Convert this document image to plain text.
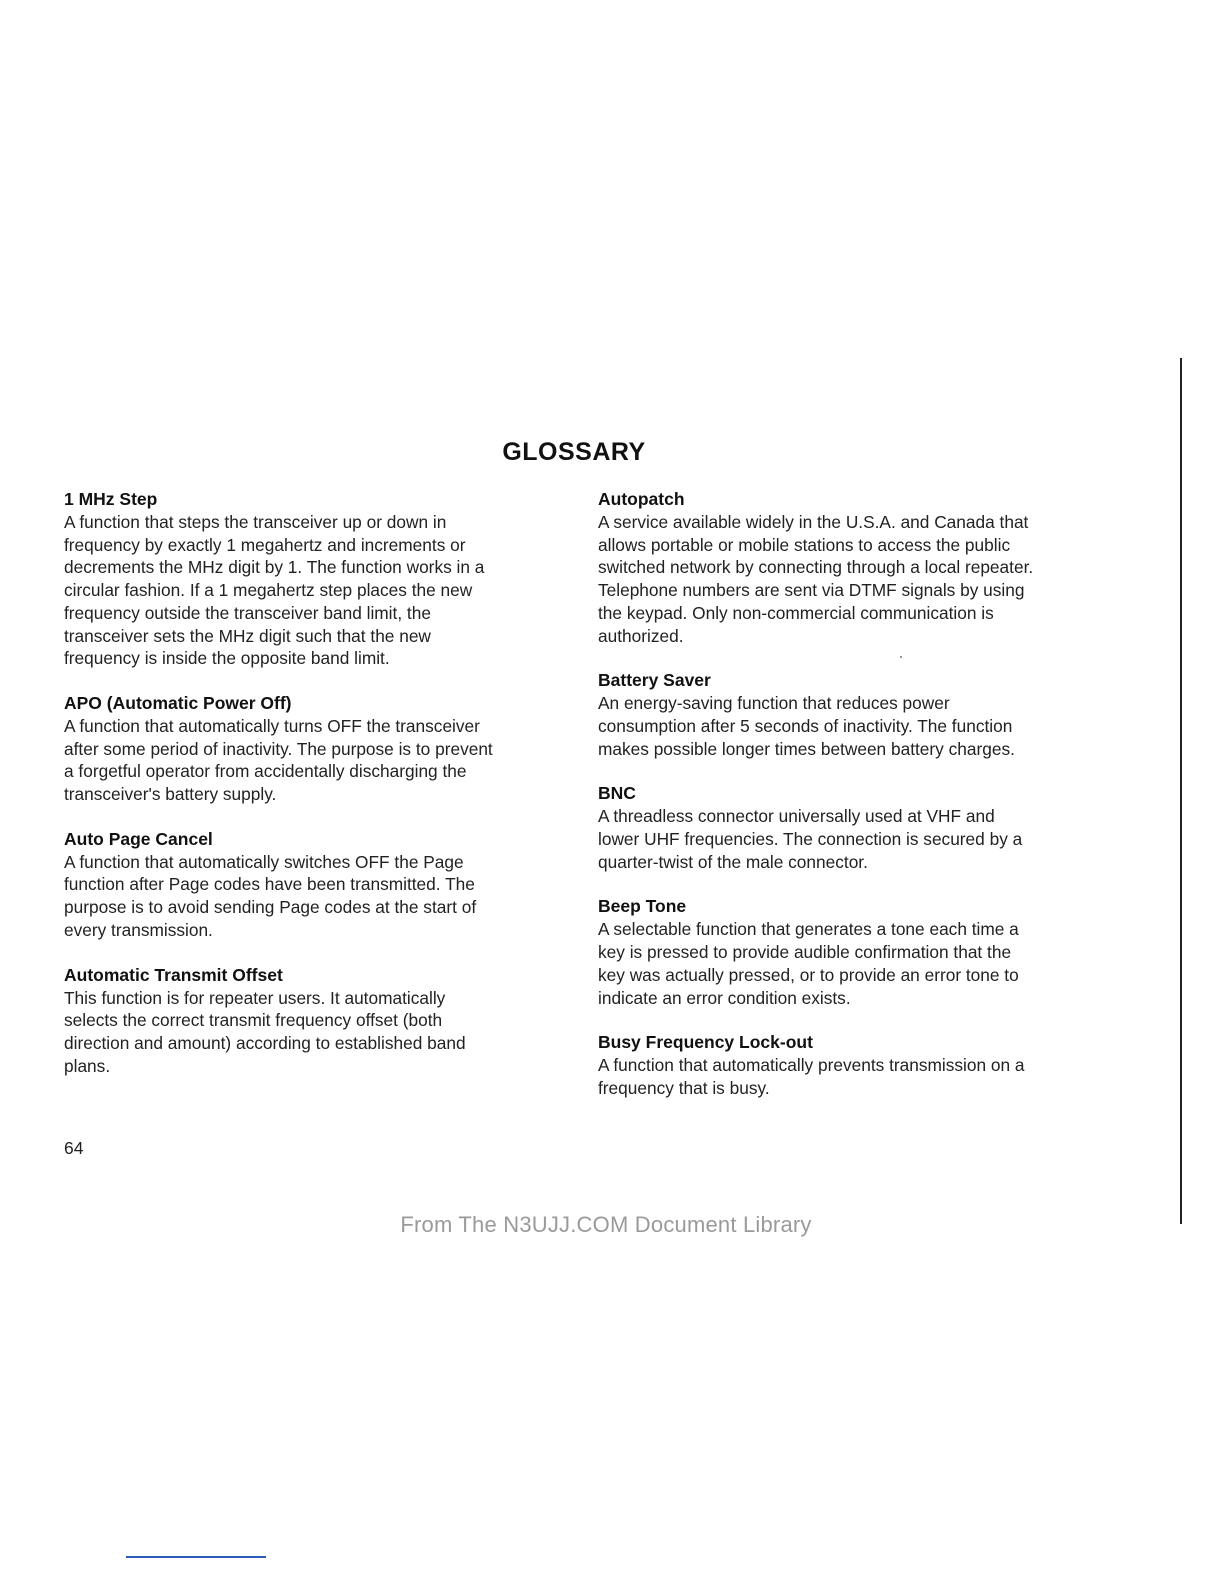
GLOSSARY
1 MHz Step
A function that steps the transceiver up or down in
frequency by exactly 1 megahertz and increments or
decrements the MHz digit by 1. The function works in a
circular fashion. If a 1 megahertz step places the new
frequency outside the transceiver band limit, the
transceiver sets the MHz digit such that the new
frequency is inside the opposite band limit.
APO (Automatic Power Off)
A function that automatically turns OFF the transceiver
after some period of inactivity. The purpose is to prevent
a forgetful operator from accidentally discharging the
transceiver's battery supply.
Auto Page Cancel
A function that automatically switches OFF the Page
function after Page codes have been transmitted. The
purpose is to avoid sending Page codes at the start of
every transmission.
Automatic Transmit Offset
This function is for repeater users. It automatically
selects the correct transmit frequency offset (both
direction and amount) according to established band
plans.
Autopatch
A service available widely in the U.S.A. and Canada that
allows portable or mobile stations to access the public
switched network by connecting through a local repeater.
Telephone numbers are sent via DTMF signals by using
the keypad. Only non-commercial communication is
authorized.
Battery Saver
An energy-saving function that reduces power
consumption after 5 seconds of inactivity. The function
makes possible longer times between battery charges.
BNC
A threadless connector universally used at VHF and
lower UHF frequencies. The connection is secured by a
quarter-twist of the male connector.
Beep Tone
A selectable function that generates a tone each time a
key is pressed to provide audible confirmation that the
key was actually pressed, or to provide an error tone to
indicate an error condition exists.
Busy Frequency Lock-out
A function that automatically prevents transmission on a
frequency that is busy.
64
From The N3UJJ.COM Document Library
